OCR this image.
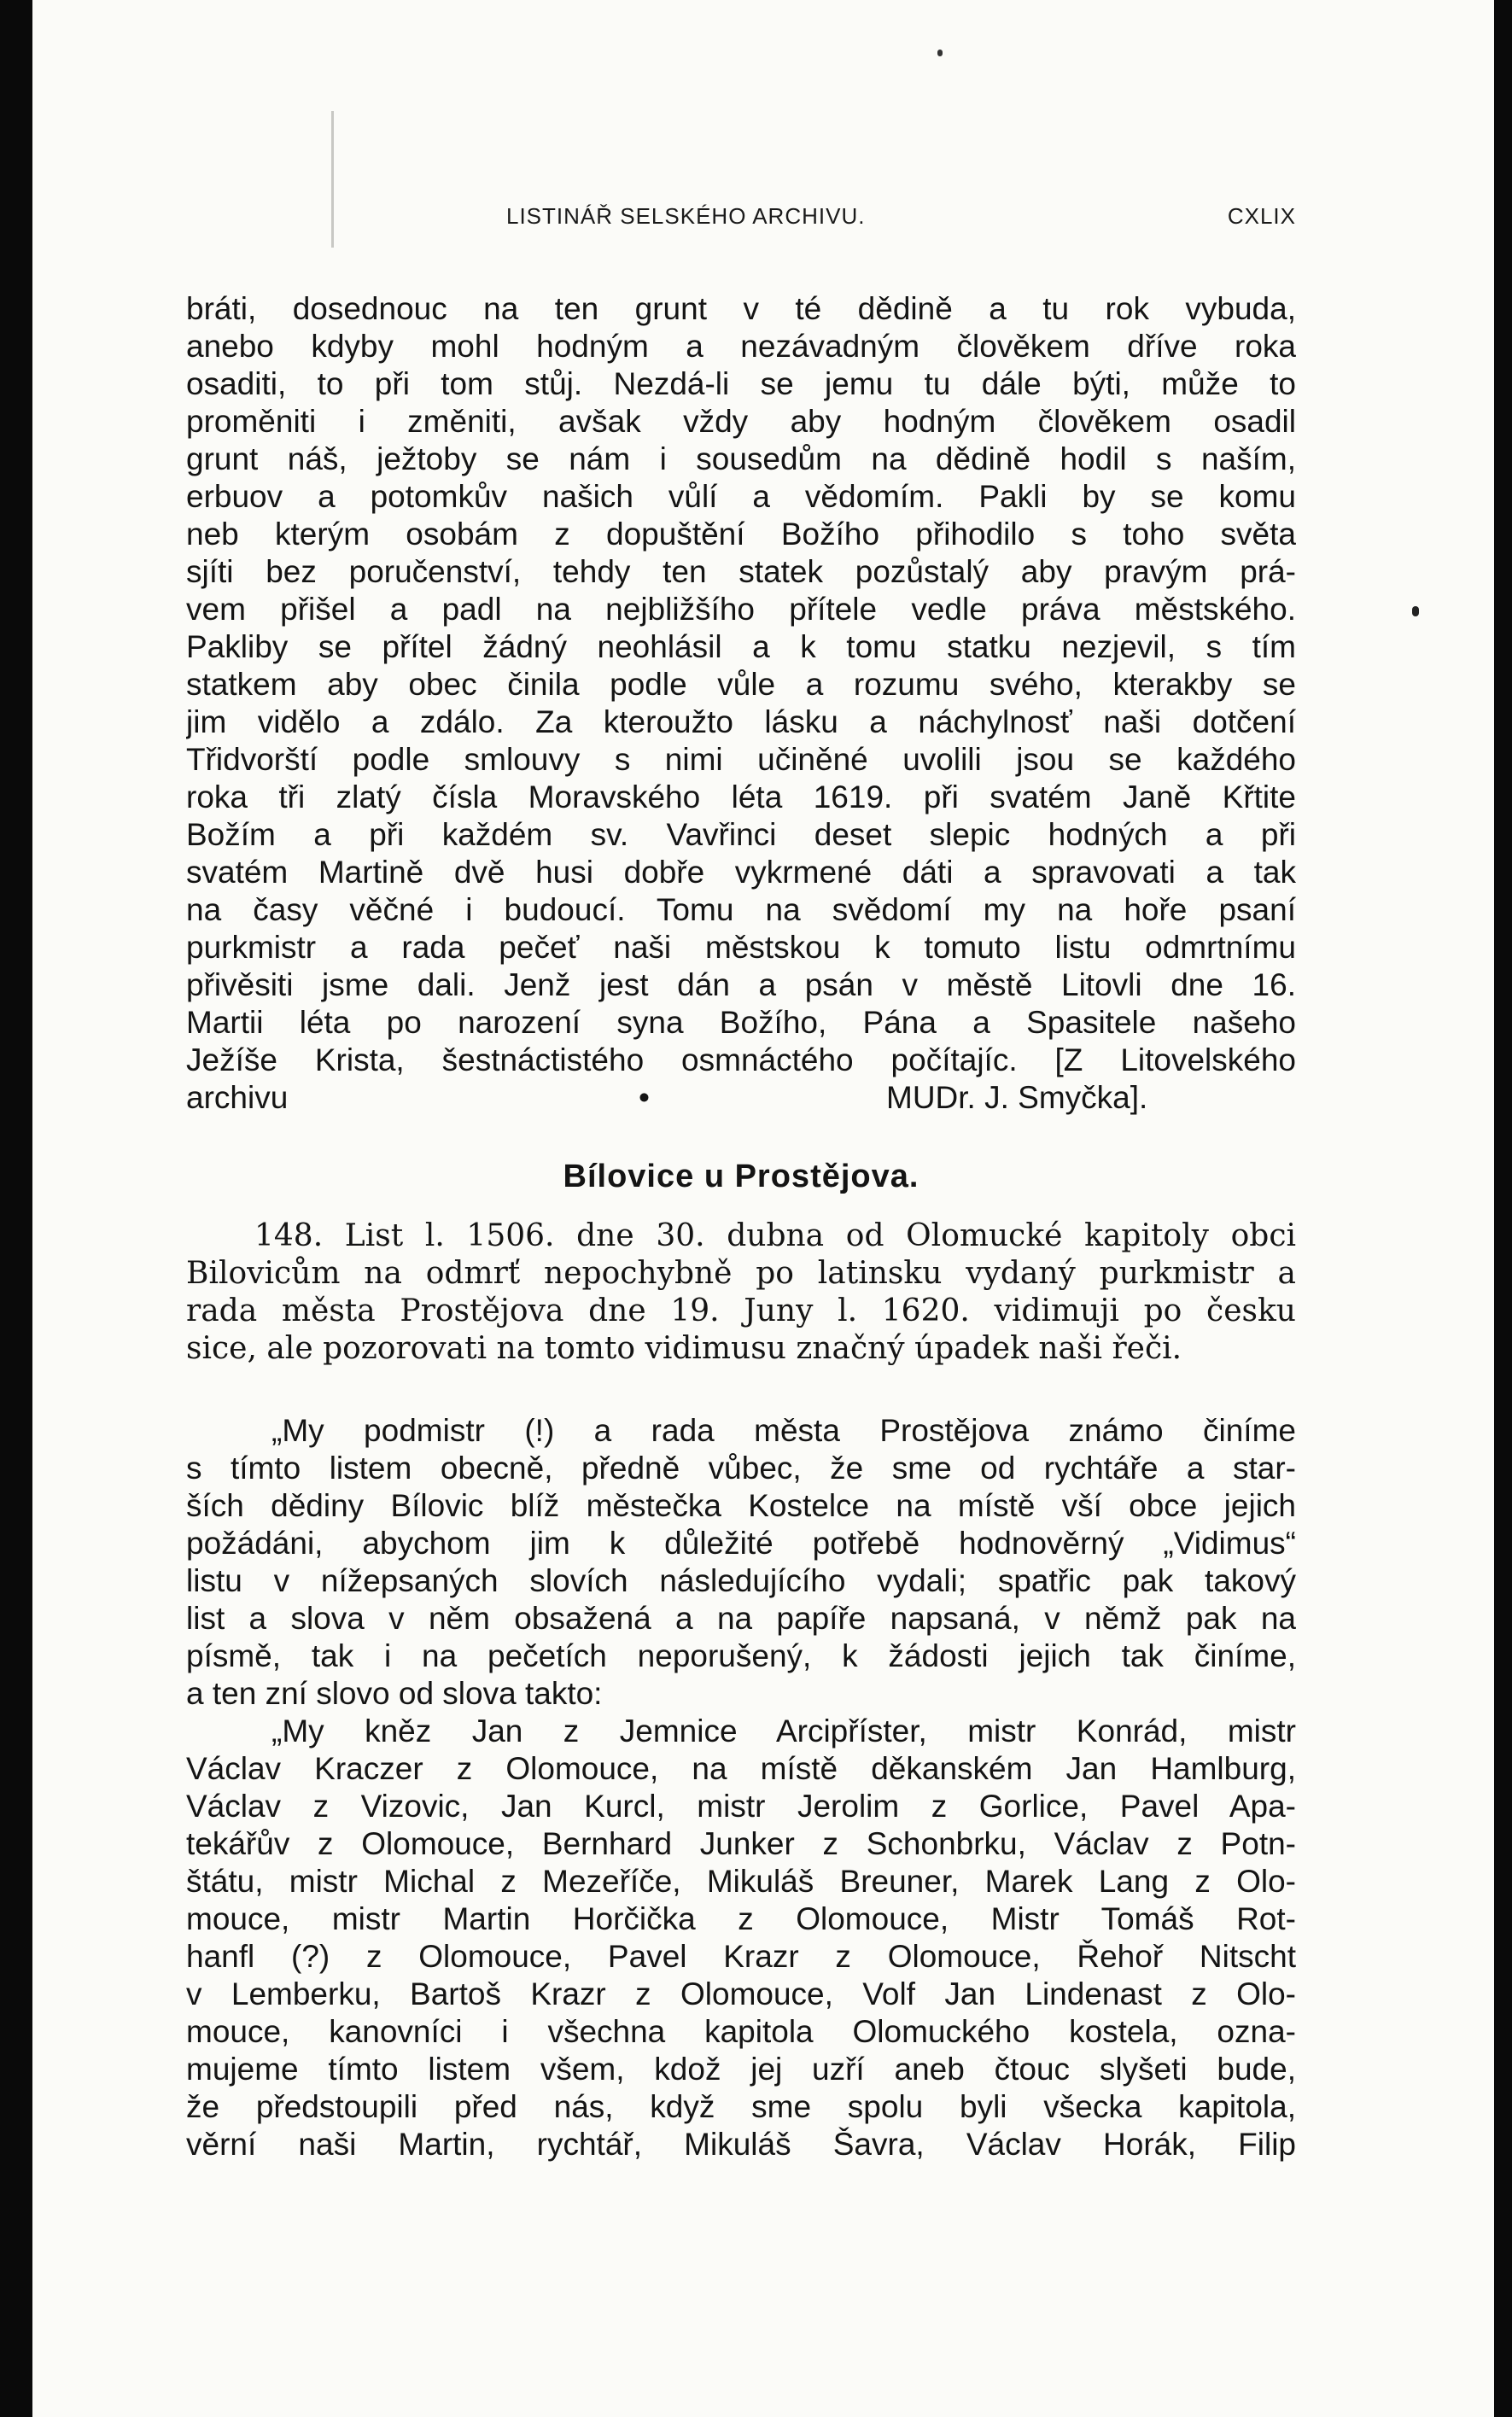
LISTINÁŘ SELSKÉHO ARCHIVU.	CXLIX
bráti, dosednouc na ten grunt v té dědině a tu rok vybuda,
anebo kdyby mohl hodným a nezávadným člověkem dříve roka
osaditi, to při tom stůj. Nezdá-li se jemu tu dále býti, může to
proměniti i změniti, avšak vždy aby hodným člověkem osadil
grunt náš, ježtoby se nám i sousedům na dědině hodil s naším,
erbuov a potomkův našich vůlí a vědomím. Pakli by se komu
neb kterým osobám z dopuštění Božího přihodilo s toho světa
sjíti bez poručenství, tehdy ten statek pozůstalý aby pravým prá-
vem přišel a padl na nejbližšího přítele vedle práva městského.
Pakliby se přítel žádný neohlásil a k tomu statku nezjevil, s tím
statkem aby obec činila podle vůle a rozumu svého, kterakby se
jim vidělo a zdálo. Za kteroužto lásku a náchylnosť naši dotčení
Třidvorští podle smlouvy s nimi učiněné uvolili jsou se každého
roka tři zlatý čísla Moravského léta 1619. při svatém Janě Křtite
Božím a při každém sv. Vavřinci deset slepic hodných a při
svatém Martině dvě husi dobře vykrmené dáti a spravovati a tak
na časy věčné i budoucí. Tomu na svědomí my na hoře psaní
purkmistr a rada pečeť naši městskou k tomuto listu odmrtnímu
přivěsiti jsme dali. Jenž jest dán a psán v městě Litovli dne 16.
Martii léta po narození syna Božího, Pána a Spasitele našeho
Ježíše Krista, šestnáctistého osmnáctého počítajíc. [Z Litovelského
archivu	•	MUDr. J. Smyčka].
Bílovice u Prostějova.
148. List l. 1506. dne 30. dubna od Olomucké kapitoly obci
Bilovicům na odmrť nepochybně po latinsku vydaný purkmistr a
rada města Prostějova dne 19. Juny l. 1620. vidimuji po česku
sice, ale pozorovati na tomto vidimusu značný úpadek naši řeči.
„My podmistr (!) a rada města Prostějova známo činíme
s tímto listem obecně, předně vůbec, že sme od rychtáře a star-
ších dědiny Bílovic blíž městečka Kostelce na místě vší obce jejich
požádáni, abychom jim k důležité potřebě hodnověrný „Vidimus“
listu v nížepsaných slovích následujícího vydali; spatřic pak takový
list a slova v něm obsažená a na papíře napsaná, v němž pak na
písmě, tak i na pečetích neporušený, k žádosti jejich tak činíme,
a ten zní slovo od slova takto:
„My kněz Jan z Jemnice Arcipříster, mistr Konrád, mistr
Václav Kraczer z Olomouce, na místě děkanském Jan Hamlburg,
Václav z Vizovic, Jan Kurcl, mistr Jerolim z Gorlice, Pavel Apa-
tekářův z Olomouce, Bernhard Junker z Schonbrku, Václav z Potn-
štátu, mistr Michal z Mezeříče, Mikuláš Breuner, Marek Lang z Olo-
mouce, mistr Martin Horčička z Olomouce, Mistr Tomáš Rot-
hanfl (?) z Olomouce, Pavel Krazr z Olomouce, Řehoř Nitscht
v Lemberku, Bartoš Krazr z Olomouce, Volf Jan Lindenast z Olo-
mouce, kanovníci i všechna kapitola Olomuckého kostela, ozna-
mujeme tímto listem všem, kdož jej uzří aneb čtouc slyšeti bude,
že předstoupili před nás, když sme spolu byli všecka kapitola,
věrní naši Martin, rychtář, Mikuláš Šavra, Václav Horák, Filip
